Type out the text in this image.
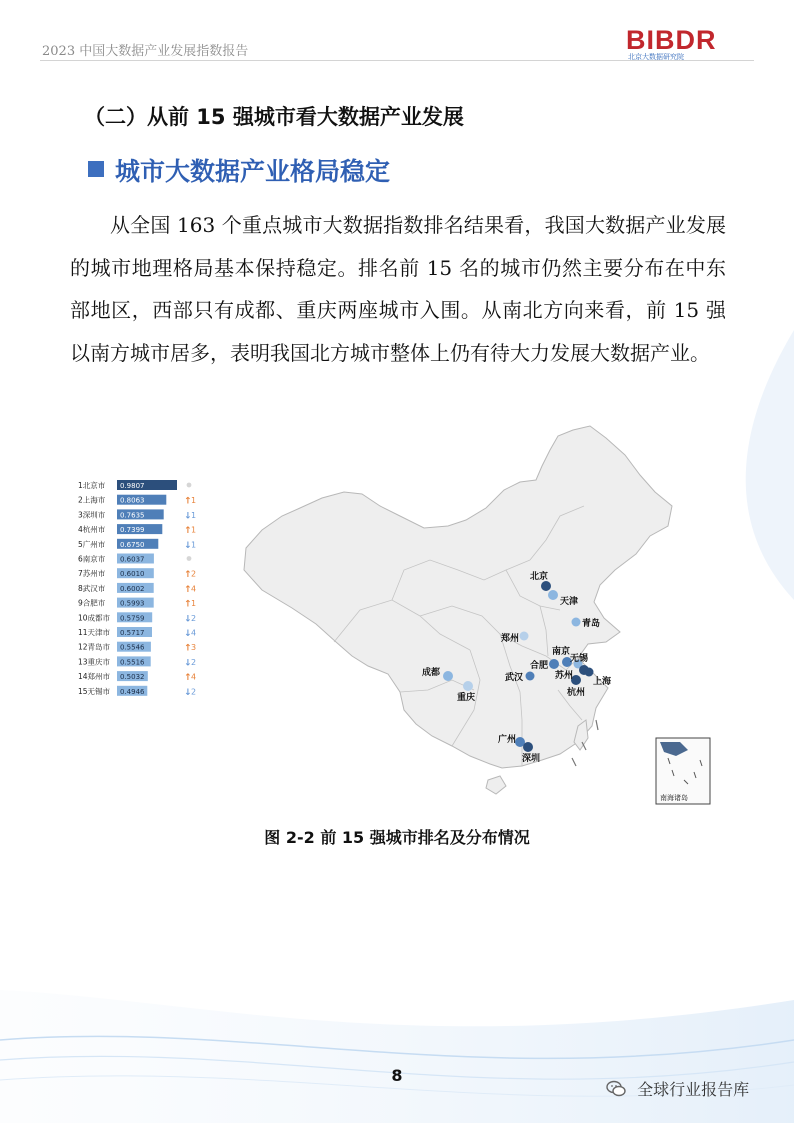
2023 中国大数据产业发展指数报告	BIBDR
北京大数据研究院
（二）从前 15 强城市看大数据产业发展
城市大数据产业格局稳定

从全国 163 个重点城市大数据指数排名结果看，我国大数据产业发展的城市地理格局基本保持稳定。排名前 15 名的城市仍然主要分布在中东部地区，西部只有成都、重庆两座城市入围。从南北方向来看，前 15 强以南方城市居多，表明我国北方城市整体上仍有待大力发展大数据产业。

北京
天津
青岛
郑州
南京
无锡
合肥
苏州
武汉	上海
成都
杭州
重庆
广州
深圳
南海诸岛
1北京市 0.9807
2上海市 0.8063	↑ 1
3深圳市 0.7635	↓ 1
4杭州市 0.7399	↑ 1
5广州市 0.6750	↓ 1
6南京市 0.6037
7苏州市 0.6010	↑ 2
8武汉市 0.6002	↑ 4
9合肥市 0.5993	↑ 1
10成都市 0.5759	↓ 2
11天津市 0.5717	↓ 4
12青岛市 0.5546	↑ 3
13重庆市 0.5516	↓ 2
14郑州市 0.5032	↑ 4
15无锡市 0.4946	↓ 2
图 2-2 前 15 强城市排名及分布情况
8
全球行业报告库
